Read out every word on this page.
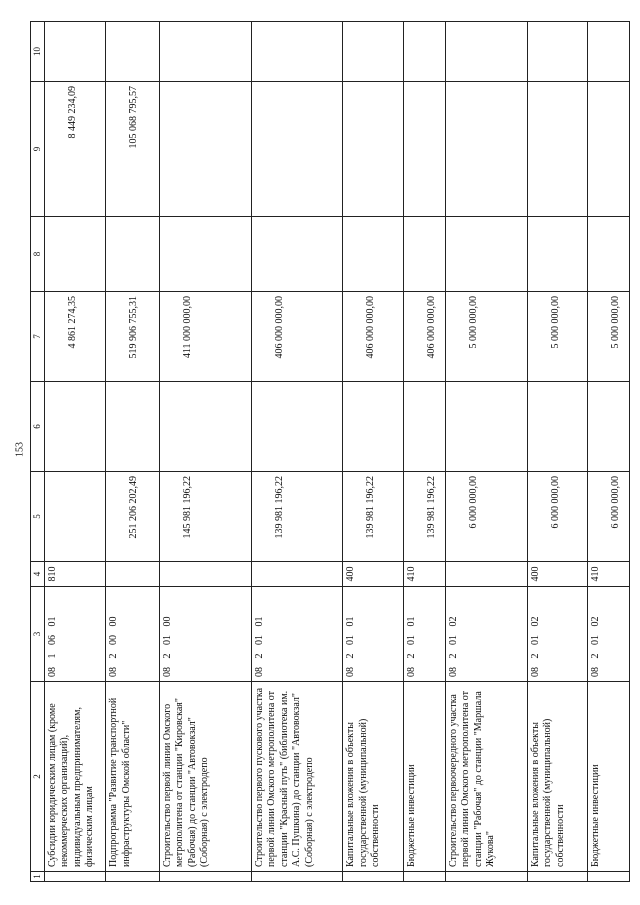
153
1	2	3	4	5	6	7	8	9	10
	Субсидии юридическим лицам (кроме некоммерческих организаций), индивидуальным предпринимателям, физическим лицам	08 1 06 01	810			4 861 274,35		8 449 234,09	
	Подпрограмма "Развитие транспортной инфраструктуры Омской области"	08 2 00 00		251 206 202,49		519 906 755,31		105 068 795,57	
	Строительство первой линии Омского метрополитена от станции "Кировская" (Рабочая) до станции "Автовокзал" (Соборная) с электродепо	08 2 01 00		145 981 196,22		411 000 000,00			
	Строительство первого пускового участка первой линии Омского метрополитена от станции "Красный путь" (библиотека им. А.С. Пушкина) до станции "Автовокзал" (Соборная) с электродепо	08 2 01 01		139 981 196,22		406 000 000,00			
	Капитальные вложения в объекты государственной (муниципальной) собственности	08 2 01 01	400	139 981 196,22		406 000 000,00			
	Бюджетные инвестиции	08 2 01 01	410	139 981 196,22		406 000 000,00			
	Строительство первоочередного участка первой линии Омского метрополитена от станции "Рабочая" до станции "Маршала Жукова"	08 2 01 02		6 000 000,00		5 000 000,00			
	Капитальные вложения в объекты государственной (муниципальной) собственности	08 2 01 02	400	6 000 000,00		5 000 000,00			
	Бюджетные инвестиции	08 2 01 02	410	6 000 000,00		5 000 000,00			
